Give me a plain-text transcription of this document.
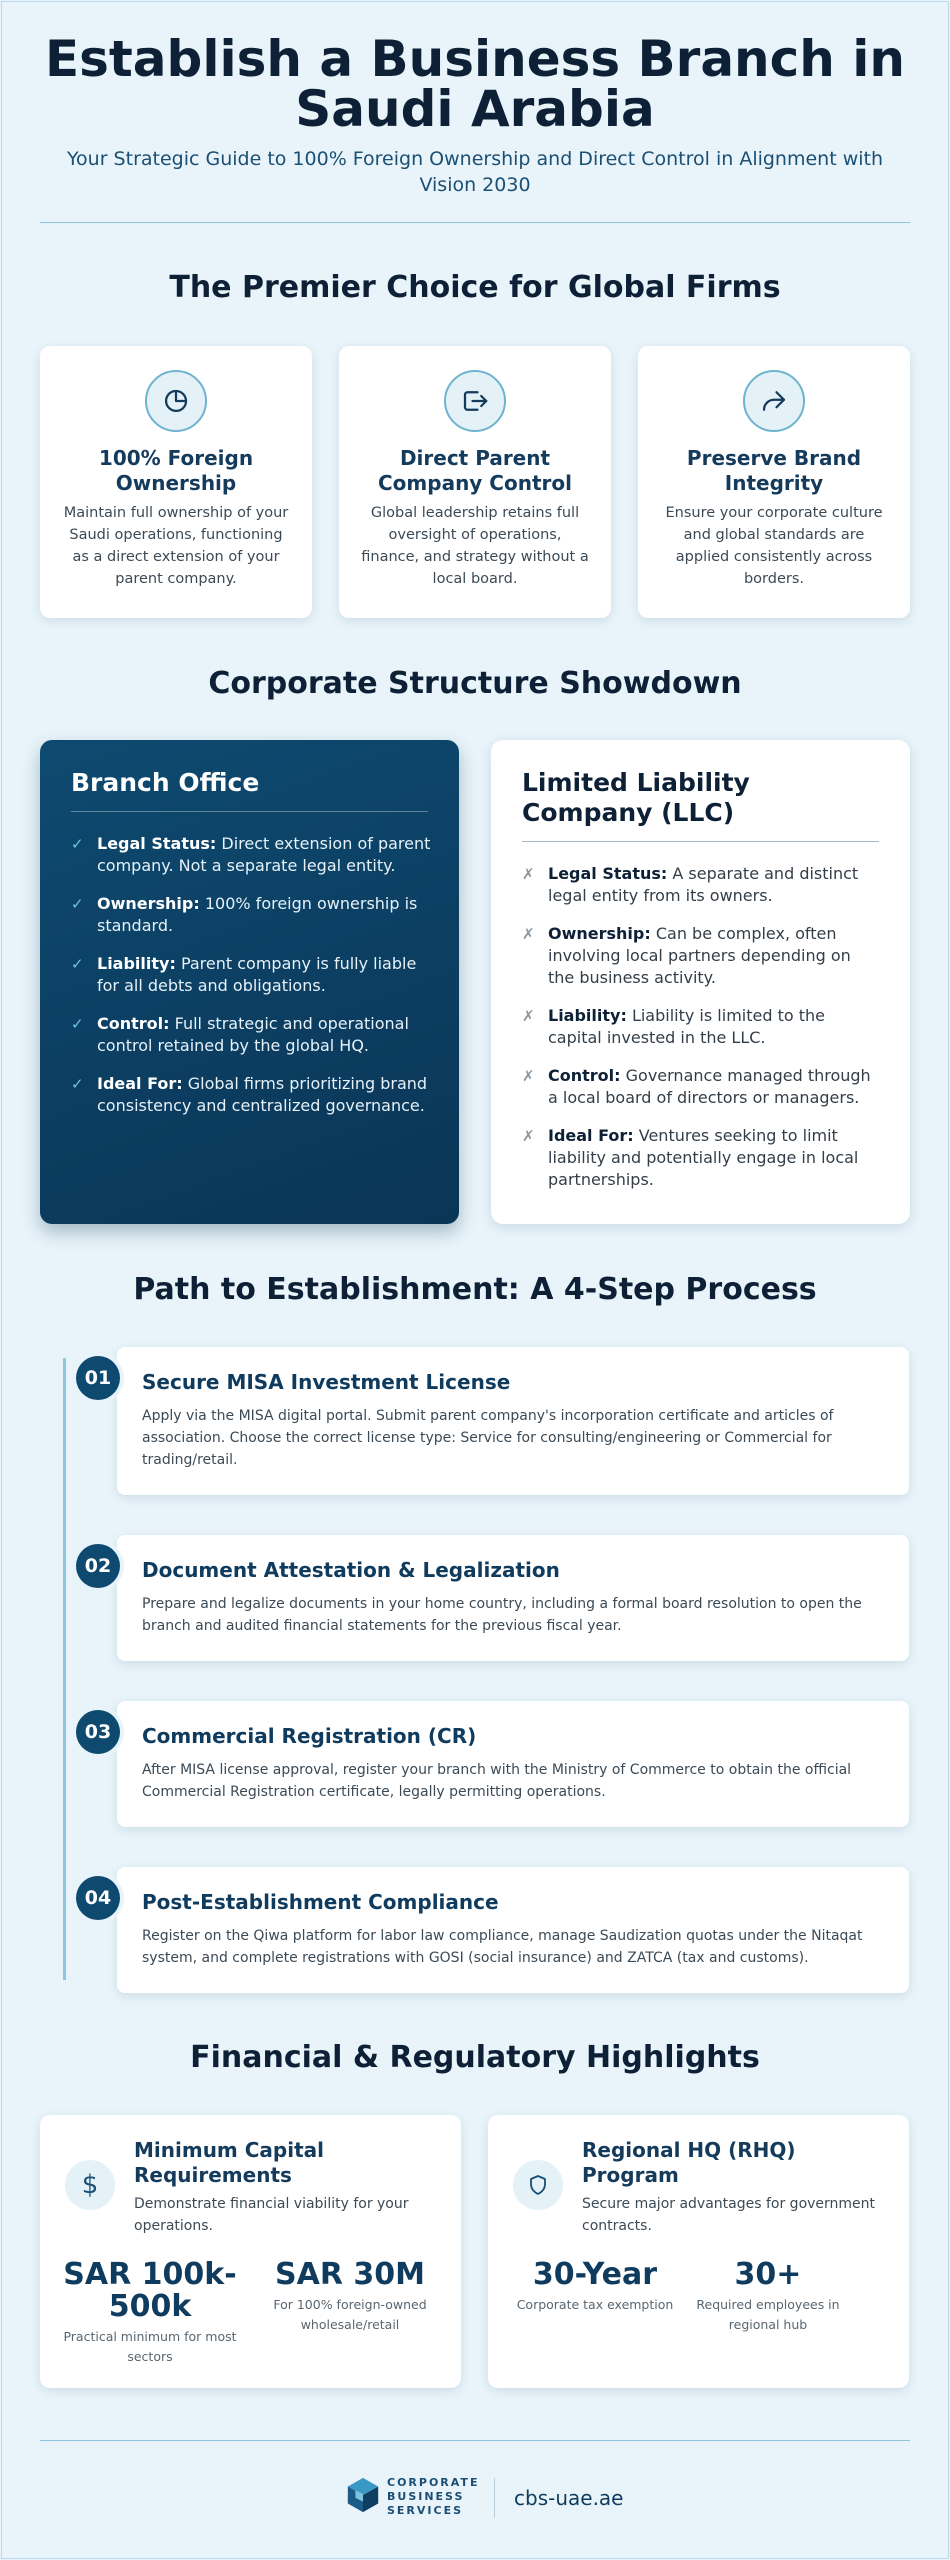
Establish a Business Branch in Saudi Arabia

Your Strategic Guide to 100% Foreign Ownership and Direct Control in Alignment with Vision 2030

The Premier Choice for Global Firms
100% Foreign Ownership

Maintain full ownership of your Saudi operations, functioning as a direct extension of your parent company.

Direct Parent Company Control

Global leadership retains full oversight of operations, finance, and strategy without a local board.

Preserve Brand Integrity

Ensure your corporate culture and global standards are applied consistently across borders.

Corporate Structure Showdown
Branch Office
✓ Legal Status: Direct extension of parent company. Not a separate legal entity.
✓ Ownership: 100% foreign ownership is standard.
✓ Liability: Parent company is fully liable for all debts and obligations.
✓ Control: Full strategic and operational control retained by the global HQ.
✓ Ideal For: Global firms prioritizing brand consistency and centralized governance.
Limited Liability Company (LLC)
✗ Legal Status: A separate and distinct legal entity from its owners.
✗ Ownership: Can be complex, often involving local partners depending on the business activity.
✗ Liability: Liability is limited to the capital invested in the LLC.
✗ Control: Governance managed through a local board of directors or managers.
✗ Ideal For: Ventures seeking to limit liability and potentially engage in local partnerships.
Path to Establishment: A 4-Step Process
Secure MISA Investment License

Apply via the MISA digital portal. Submit parent company's incorporation certificate and articles of association. Choose the correct license type: Service for consulting/engineering or Commercial for trading/retail.

01
Document Attestation & Legalization

Prepare and legalize documents in your home country, including a formal board resolution to open the branch and audited financial statements for the previous fiscal year.

02
Commercial Registration (CR)

After MISA license approval, register your branch with the Ministry of Commerce to obtain the official Commercial Registration certificate, legally permitting operations.

03
Post-Establishment Compliance

Register on the Qiwa platform for labor law compliance, manage Saudization quotas under the Nitaqat system, and complete registrations with GOSI (social insurance) and ZATCA (tax and customs).

04
Financial & Regulatory Highlights
$
Minimum Capital Requirements

Demonstrate financial viability for your operations.

SAR 100k-500k
Practical minimum for most sectors
SAR 30M
For 100% foreign-owned wholesale/retail
Regional HQ (RHQ) Program

Secure major advantages for government contracts.

30-Year
Corporate tax exemption
30+
Required employees in regional hub
CORPORATE
BUSINESS
SERVICES
cbs-uae.ae
